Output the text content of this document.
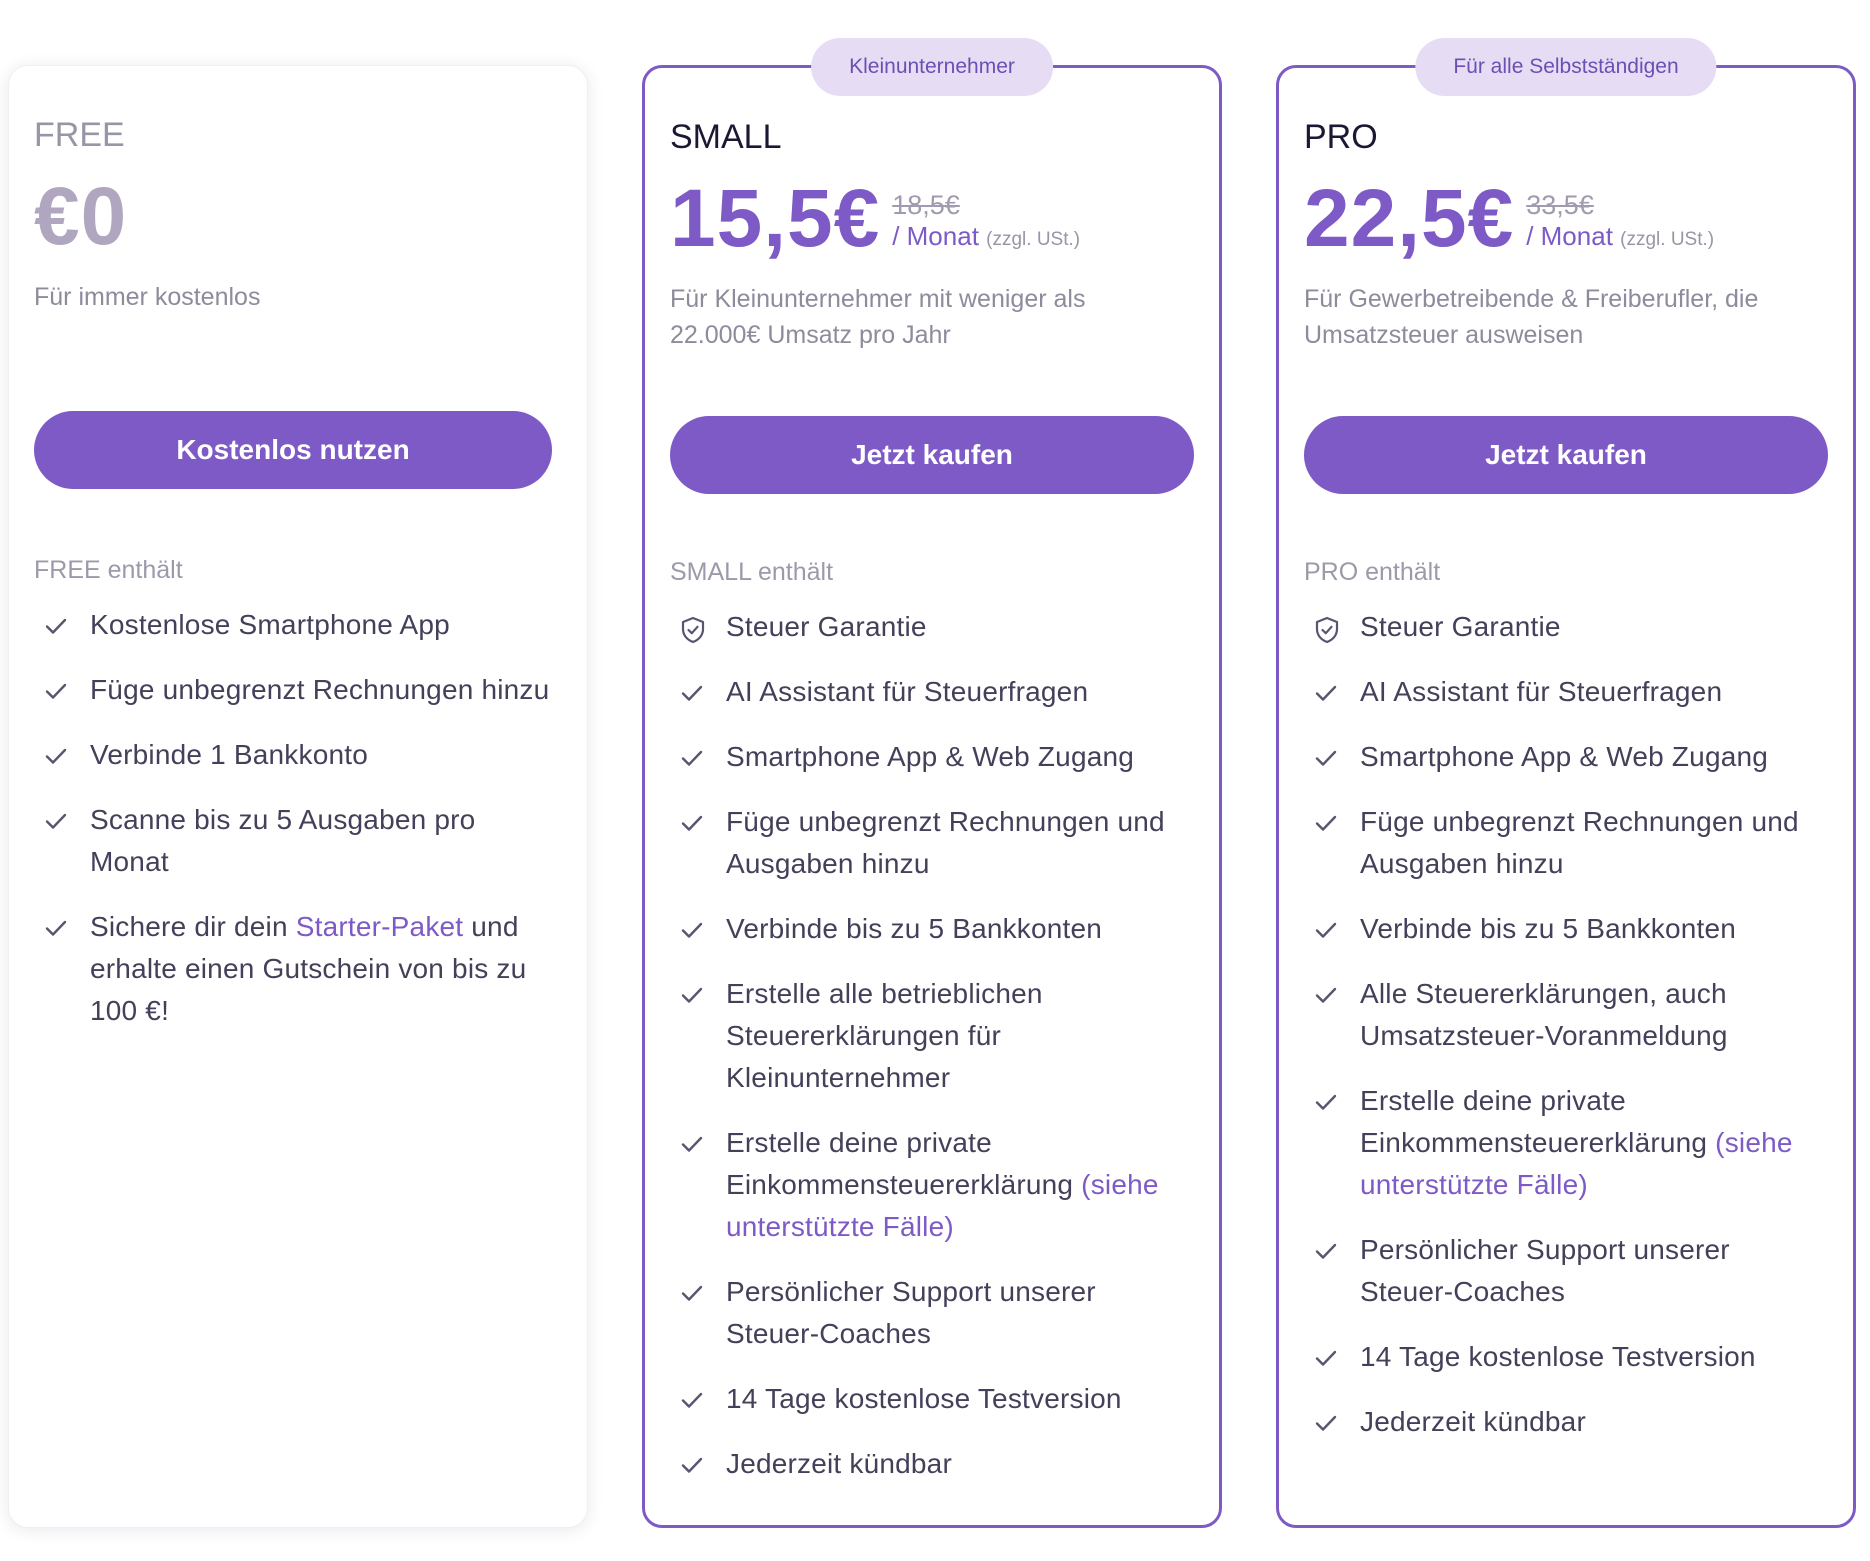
FREE
€0
Für immer kostenlos
Kostenlos nutzen
FREE enthält
Kostenlose Smartphone App
Füge unbegrenzt Rechnungen hinzu
Verbinde 1 Bankkonto
Scanne bis zu 5 Ausgaben pro Monat
Sichere dir dein Starter-Paket und erhalte einen Gutschein von bis zu 100 €!
Kleinunternehmer
SMALL
15,5€ 18,5€
/ Monat (zzgl. USt.)
Für Kleinunternehmer mit weniger als 22.000€ Umsatz pro Jahr
Jetzt kaufen
SMALL enthält
Steuer Garantie
AI Assistant für Steuerfragen
Smartphone App & Web Zugang
Füge unbegrenzt Rechnungen und Ausgaben hinzu
Verbinde bis zu 5 Bankkonten
Erstelle alle betrieblichen Steuererklärungen für Kleinunternehmer
Erstelle deine private Einkommensteuererklärung (siehe unterstützte Fälle)
Persönlicher Support unserer Steuer-Coaches
14 Tage kostenlose Testversion
Jederzeit kündbar
Für alle Selbstständigen
PRO
22,5€ 33,5€
/ Monat (zzgl. USt.)
Für Gewerbetreibende & Freiberufler, die Umsatzsteuer ausweisen
Jetzt kaufen
PRO enthält
Steuer Garantie
AI Assistant für Steuerfragen
Smartphone App & Web Zugang
Füge unbegrenzt Rechnungen und Ausgaben hinzu
Verbinde bis zu 5 Bankkonten
Alle Steuererklärungen, auch Umsatzsteuer-Voranmeldung
Erstelle deine private Einkommensteuererklärung (siehe unterstützte Fälle)
Persönlicher Support unserer Steuer-Coaches
14 Tage kostenlose Testversion
Jederzeit kündbar
